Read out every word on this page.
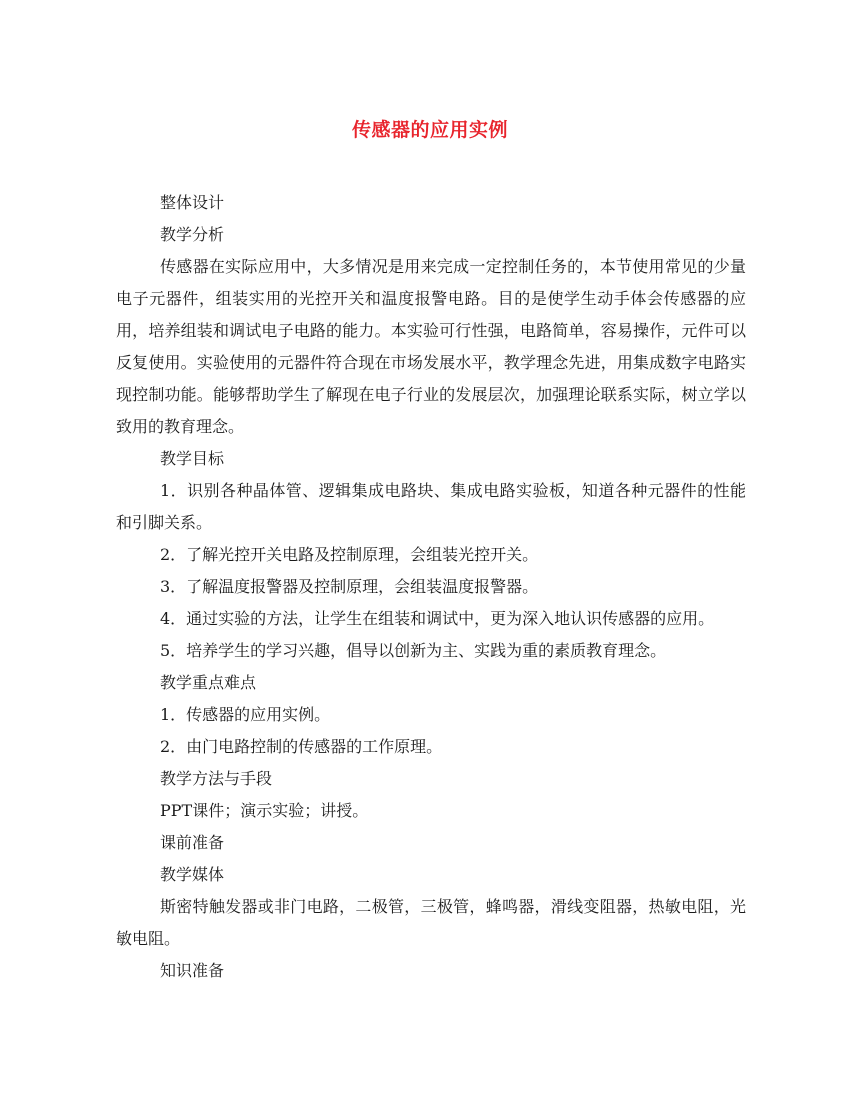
传感器的应用实例

整体设计

教学分析

传感器在实际应用中，大多情况是用来完成一定控制任务的，本节使用常见的少量电子元器件，组装实用的光控开关和温度报警电路。目的是使学生动手体会传感器的应用，培养组装和调试电子电路的能力。本实验可行性强，电路简单，容易操作，元件可以反复使用。实验使用的元器件符合现在市场发展水平，教学理念先进，用集成数字电路实现控制功能。能够帮助学生了解现在电子行业的发展层次，加强理论联系实际，树立学以致用的教育理念。

教学目标

1．识别各种晶体管、逻辑集成电路块、集成电路实验板，知道各种元器件的性能和引脚关系。

2．了解光控开关电路及控制原理，会组装光控开关。

3．了解温度报警器及控制原理，会组装温度报警器。

4．通过实验的方法，让学生在组装和调试中，更为深入地认识传感器的应用。

5．培养学生的学习兴趣，倡导以创新为主、实践为重的素质教育理念。

教学重点难点

1．传感器的应用实例。

2．由门电路控制的传感器的工作原理。

教学方法与手段

PPT课件；演示实验；讲授。

课前准备

教学媒体

斯密特触发器或非门电路，二极管，三极管，蜂鸣器，滑线变阻器，热敏电阻，光敏电阻。

知识准备
